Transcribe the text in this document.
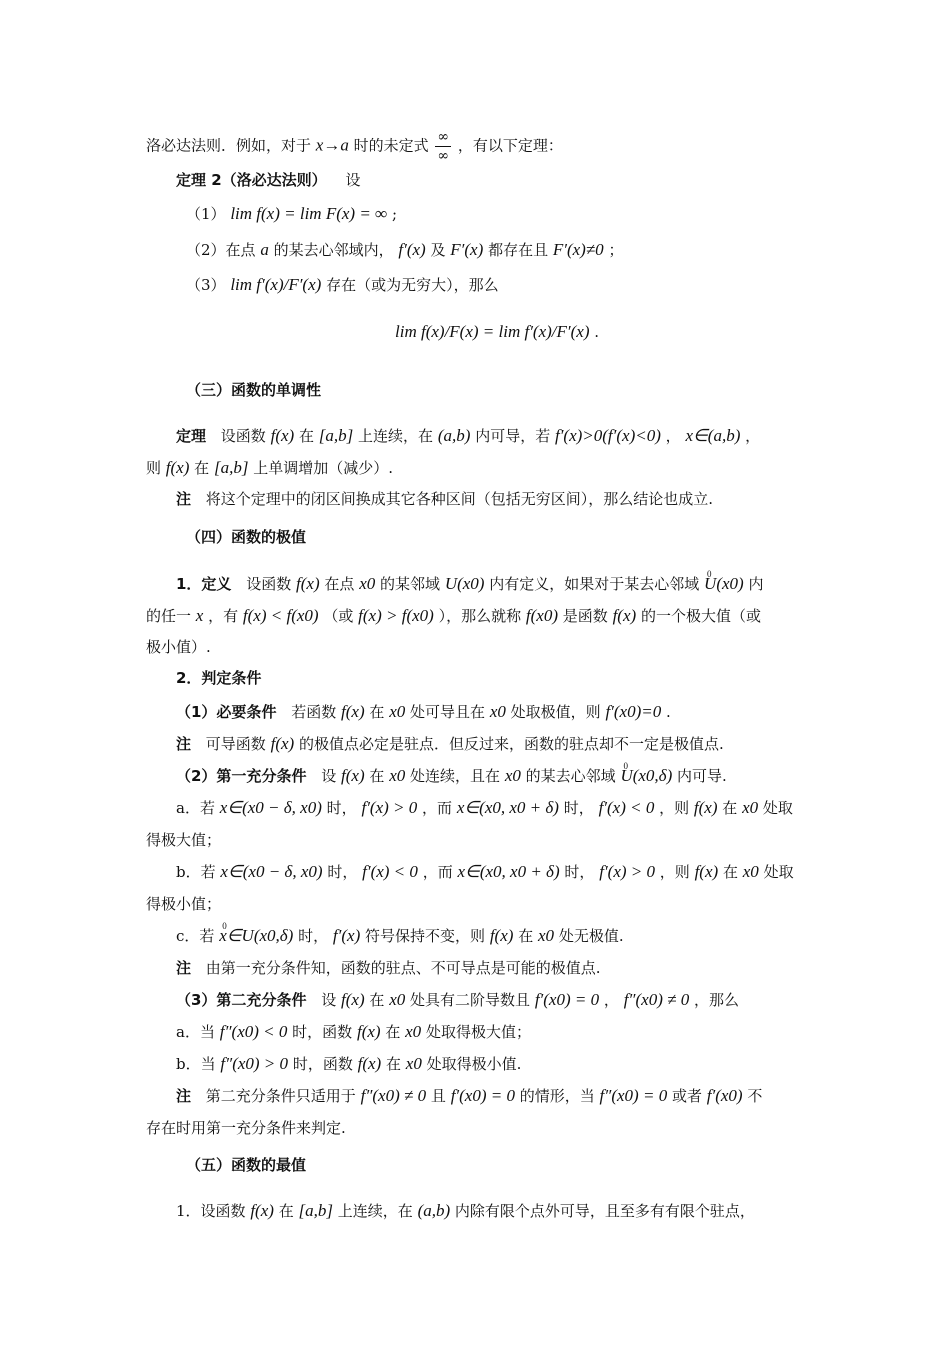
洛必达法则．例如，对于 x→a 时的未定式 $\frac{\infty}{\infty}$ ，有以下定理：
定理 2（洛必达法则） 设
（1） lim f(x) = lim F(x) = ∞ ;
（2）在点 a 的某去心邻域内， f′(x) 及 F′(x) 都存在且 F′(x)≠0 ；
（3） lim f′(x)/F′(x) 存在（或为无穷大），那么
lim f(x)/F(x) = lim f′(x)/F′(x) .
（三）函数的单调性
定理 设函数 f(x) 在 [a,b] 上连续，在 (a,b) 内可导，若 f′(x)>0(f′(x)<0) ， x∈(a,b) ，
则 f(x) 在 [a,b] 上单调增加（减少）.
注 将这个定理中的闭区间换成其它各种区间（包括无穷区间），那么结论也成立.
（四）函数的极值
1．定义 设函数 f(x) 在点 x0 的某邻域 U(x0) 内有定义，如果对于某去心邻域 0 U(x0) 内
的任一 x ，有 f(x) < f(x0) （或 f(x) > f(x0) ），那么就称 f(x0) 是函数 f(x) 的一个极大值（或
极小值）.
2．判定条件
（1）必要条件 若函数 f(x) 在 x0 处可导且在 x0 处取极值，则 f′(x0)=0 .
注 可导函数 f(x) 的极值点必定是驻点．但反过来，函数的驻点却不一定是极值点.
（2）第一充分条件 设 f(x) 在 x0 处连续，且在 x0 的某去心邻域 0 U(x0,δ) 内可导.
a．若 x∈(x0 − δ, x0) 时， f′(x) > 0 ，而 x∈(x0, x0 + δ) 时， f′(x) < 0 ，则 f(x) 在 x0 处取
得极大值；
b．若 x∈(x0 − δ, x0) 时， f′(x) < 0 ，而 x∈(x0, x0 + δ) 时， f′(x) > 0 ，则 f(x) 在 x0 处取
得极小值；
c．若 0 x∈U(x0,δ) 时， f′(x) 符号保持不变，则 f(x) 在 x0 处无极值.
注 由第一充分条件知，函数的驻点、不可导点是可能的极值点.
（3）第二充分条件 设 f(x) 在 x0 处具有二阶导数且 f′(x0) = 0 ， f″(x0) ≠ 0 ，那么
a．当 f″(x0) < 0 时，函数 f(x) 在 x0 处取得极大值；
b．当 f″(x0) > 0 时，函数 f(x) 在 x0 处取得极小值.
注 第二充分条件只适用于 f″(x0) ≠ 0 且 f′(x0) = 0 的情形，当 f″(x0) = 0 或者 f′(x0) 不
存在时用第一充分条件来判定.
（五）函数的最值
1．设函数 f(x) 在 [a,b] 上连续，在 (a,b) 内除有限个点外可导，且至多有有限个驻点，
